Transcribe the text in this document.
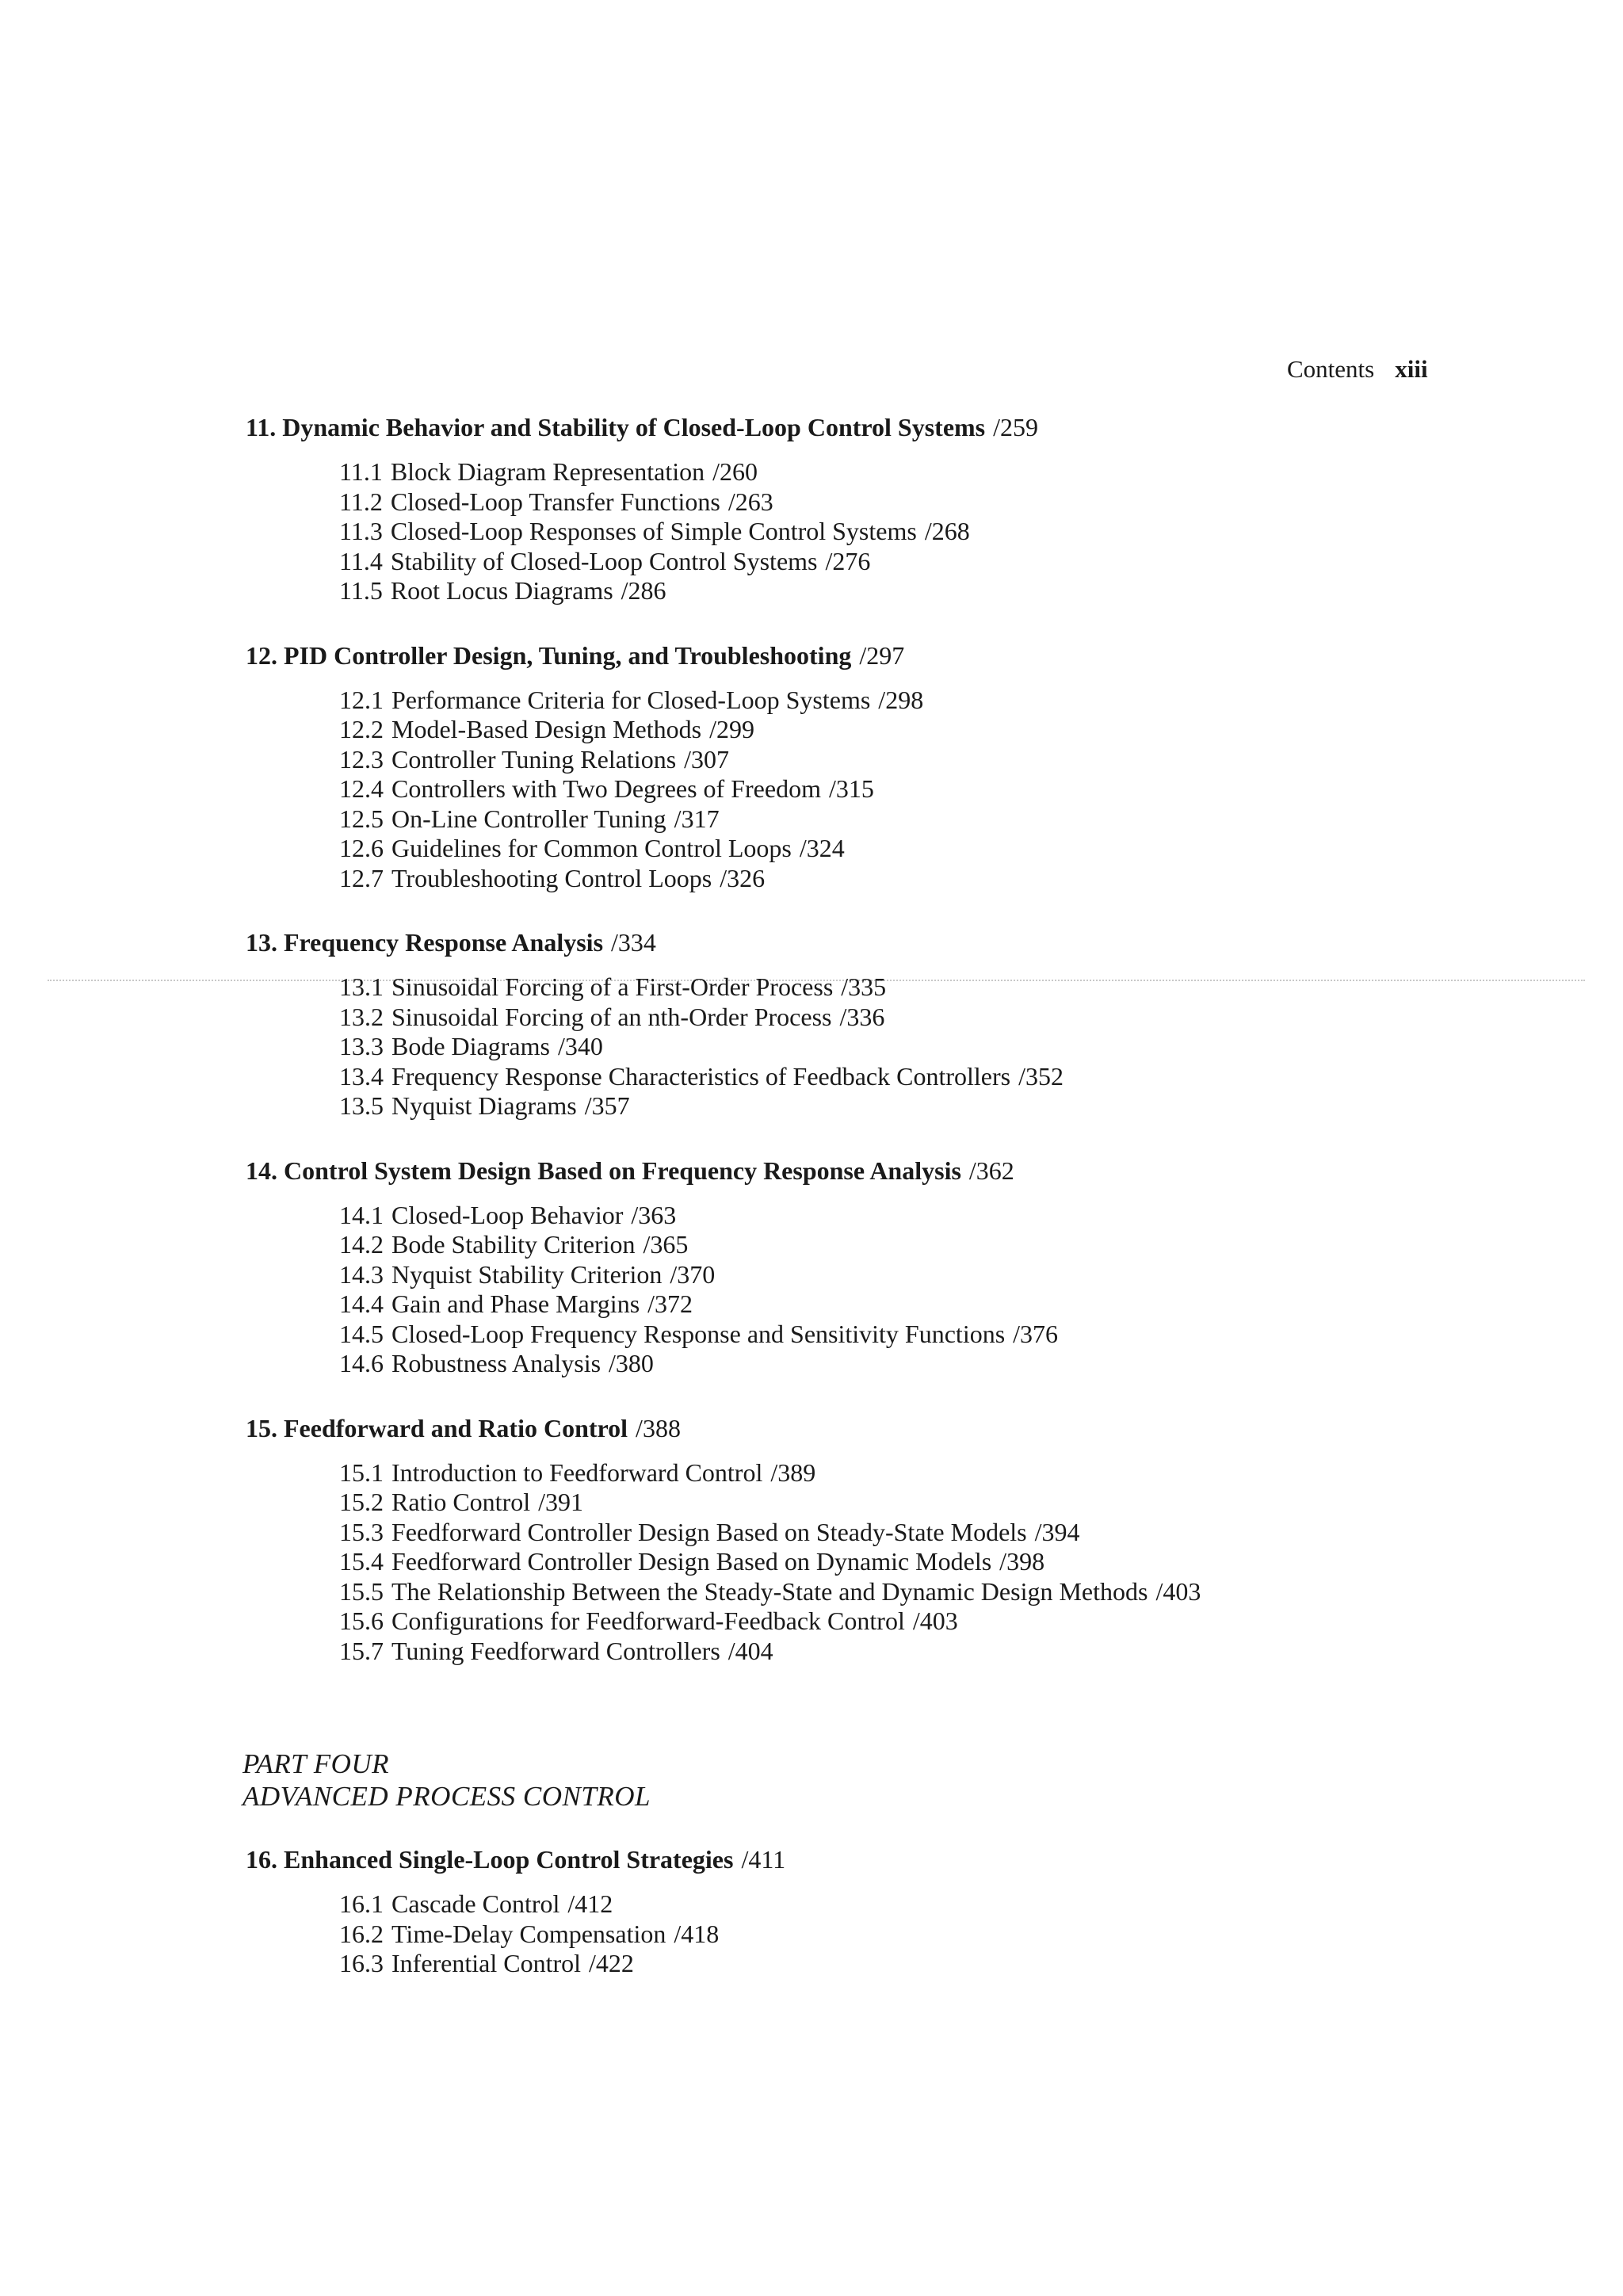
Contents xiii
11. Dynamic Behavior and Stability of Closed-Loop Control Systems /259
11.1 Block Diagram Representation /260
11.2 Closed-Loop Transfer Functions /263
11.3 Closed-Loop Responses of Simple Control Systems /268
11.4 Stability of Closed-Loop Control Systems /276
11.5 Root Locus Diagrams /286
12. PID Controller Design, Tuning, and Troubleshooting /297
12.1 Performance Criteria for Closed-Loop Systems /298
12.2 Model-Based Design Methods /299
12.3 Controller Tuning Relations /307
12.4 Controllers with Two Degrees of Freedom /315
12.5 On-Line Controller Tuning /317
12.6 Guidelines for Common Control Loops /324
12.7 Troubleshooting Control Loops /326
13. Frequency Response Analysis /334
13.1 Sinusoidal Forcing of a First-Order Process /335
13.2 Sinusoidal Forcing of an nth-Order Process /336
13.3 Bode Diagrams /340
13.4 Frequency Response Characteristics of Feedback Controllers /352
13.5 Nyquist Diagrams /357
14. Control System Design Based on Frequency Response Analysis /362
14.1 Closed-Loop Behavior /363
14.2 Bode Stability Criterion /365
14.3 Nyquist Stability Criterion /370
14.4 Gain and Phase Margins /372
14.5 Closed-Loop Frequency Response and Sensitivity Functions /376
14.6 Robustness Analysis /380
15. Feedforward and Ratio Control /388
15.1 Introduction to Feedforward Control /389
15.2 Ratio Control /391
15.3 Feedforward Controller Design Based on Steady-State Models /394
15.4 Feedforward Controller Design Based on Dynamic Models /398
15.5 The Relationship Between the Steady-State and Dynamic Design Methods /403
15.6 Configurations for Feedforward-Feedback Control /403
15.7 Tuning Feedforward Controllers /404
PART FOUR
ADVANCED PROCESS CONTROL
16. Enhanced Single-Loop Control Strategies /411
16.1 Cascade Control /412
16.2 Time-Delay Compensation /418
16.3 Inferential Control /422
